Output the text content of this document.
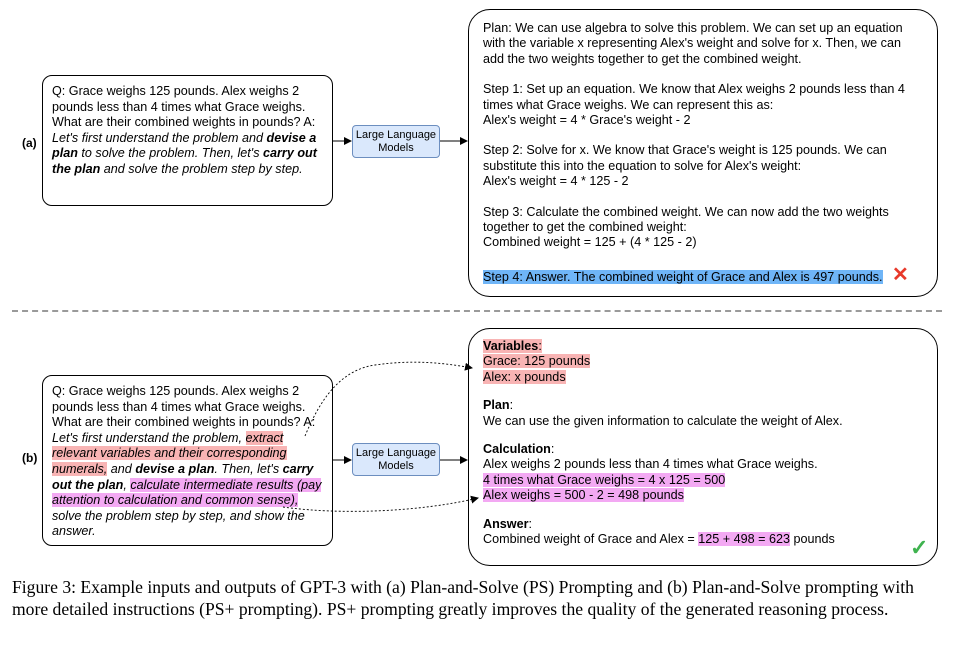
(a)
Q: Grace weighs 125 pounds. Alex weighs 2 pounds less than 4 times what Grace weighs. What are their combined weights in pounds? A: Let's first understand the problem and devise a plan to solve the problem. Then, let's carry out the plan and solve the problem step by step.
Large Language Models

Plan: We can use algebra to solve this problem. We can set up an equation with the variable x representing Alex's weight and solve for x. Then, we can add the two weights together to get the combined weight.

Step 1: Set up an equation. We know that Alex weighs 2 pounds less than 4 times what Grace weighs. We can represent this as:

Alex's weight = 4 * Grace's weight - 2

Step 2: Solve for x. We know that Grace's weight is 125 pounds. We can substitute this into the equation to solve for Alex's weight:

Alex's weight = 4 * 125 - 2

Step 3: Calculate the combined weight. We can now add the two weights together to get the combined weight:

Combined weight = 125 + (4 * 125 - 2)

Step 4: Answer. The combined weight of Grace and Alex is 497 pounds. ✕

(b)
Q: Grace weighs 125 pounds. Alex weighs 2 pounds less than 4 times what Grace weighs. What are their combined weights in pounds? A: Let's first understand the problem, extract relevant variables and their corresponding numerals, and devise a plan. Then, let's carry out the plan, calculate intermediate results (pay attention to calculation and common sense), solve the problem step by step, and show the answer.
Large Language Models

Variables:

Grace: 125 pounds

Alex: x pounds

Plan:

We can use the given information to calculate the weight of Alex.

Calculation:

Alex weighs 2 pounds less than 4 times what Grace weighs.

4 times what Grace weighs = 4 x 125 = 500

Alex weighs = 500 - 2 = 498 pounds

Answer:

Combined weight of Grace and Alex = 125 + 498 = 623 pounds	✓
Figure 3: Example inputs and outputs of GPT-3 with (a) Plan-and-Solve (PS) Prompting and (b) Plan-and-Solve prompting with more detailed instructions (PS+ prompting). PS+ prompting greatly improves the quality of the generated reasoning process.
